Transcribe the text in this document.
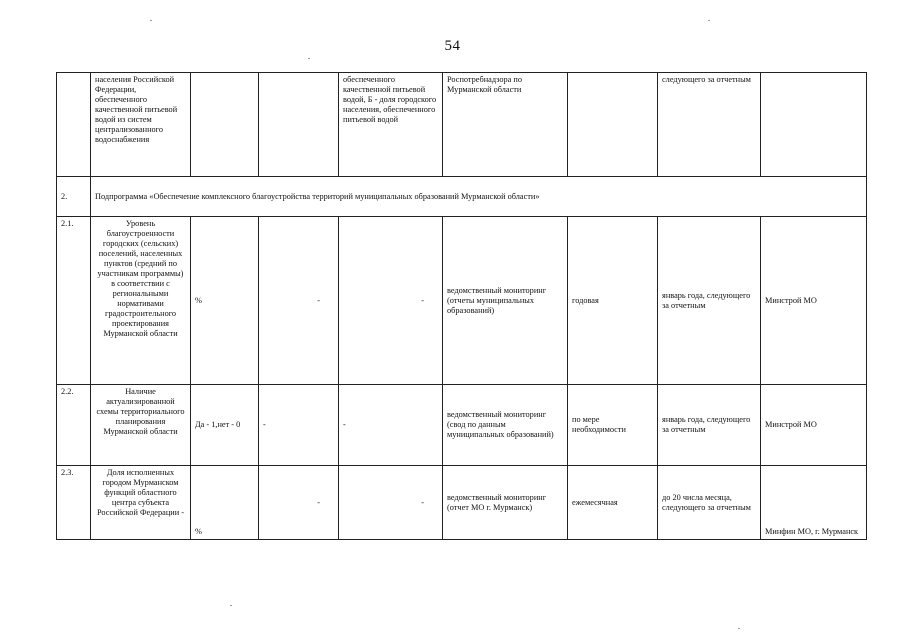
54
	населения Российской Федерации, обеспеченного качественной питьевой водой из систем централизованного водоснабжения			обеспеченного качественной питьевой водой, Б - доля городского населения, обеспеченного питьевой водой	Роспотребнадзора по Мурманской области		следующего за отчетным	
2.	Подпрограмма «Обеспечение комплексного благоустройства территорий муниципальных образований Мурманской области»							
2.1.	Уровень благоустроенности городских (сельских) поселений, населенных пунктов (средний по участникам программы) в соответствии с региональными нормативами градостроительного проектирования Мурманской области	%	-	-	ведомственный мониторинг (отчеты муниципальных образований)	годовая	январь года, следующего за отчетным	Минстрой МО
2.2.	Наличие актуализированной схемы территориального планирования Мурманской области	Да - 1,нет - 0	-	-	ведомственный мониторинг (свод по данным муниципальных образований)	по мере необходимости	январь года, следующего за отчетным	Минстрой МО
2.3.	Доля исполненных городом Мурманском функций областного центра субъекта Российской Федерации -	%	-	-	ведомственный мониторинг (отчет МО г. Мурманск)	ежемесячная	до 20 числа месяца, следующего за отчетным	Минфин МО, г. Мурманск
